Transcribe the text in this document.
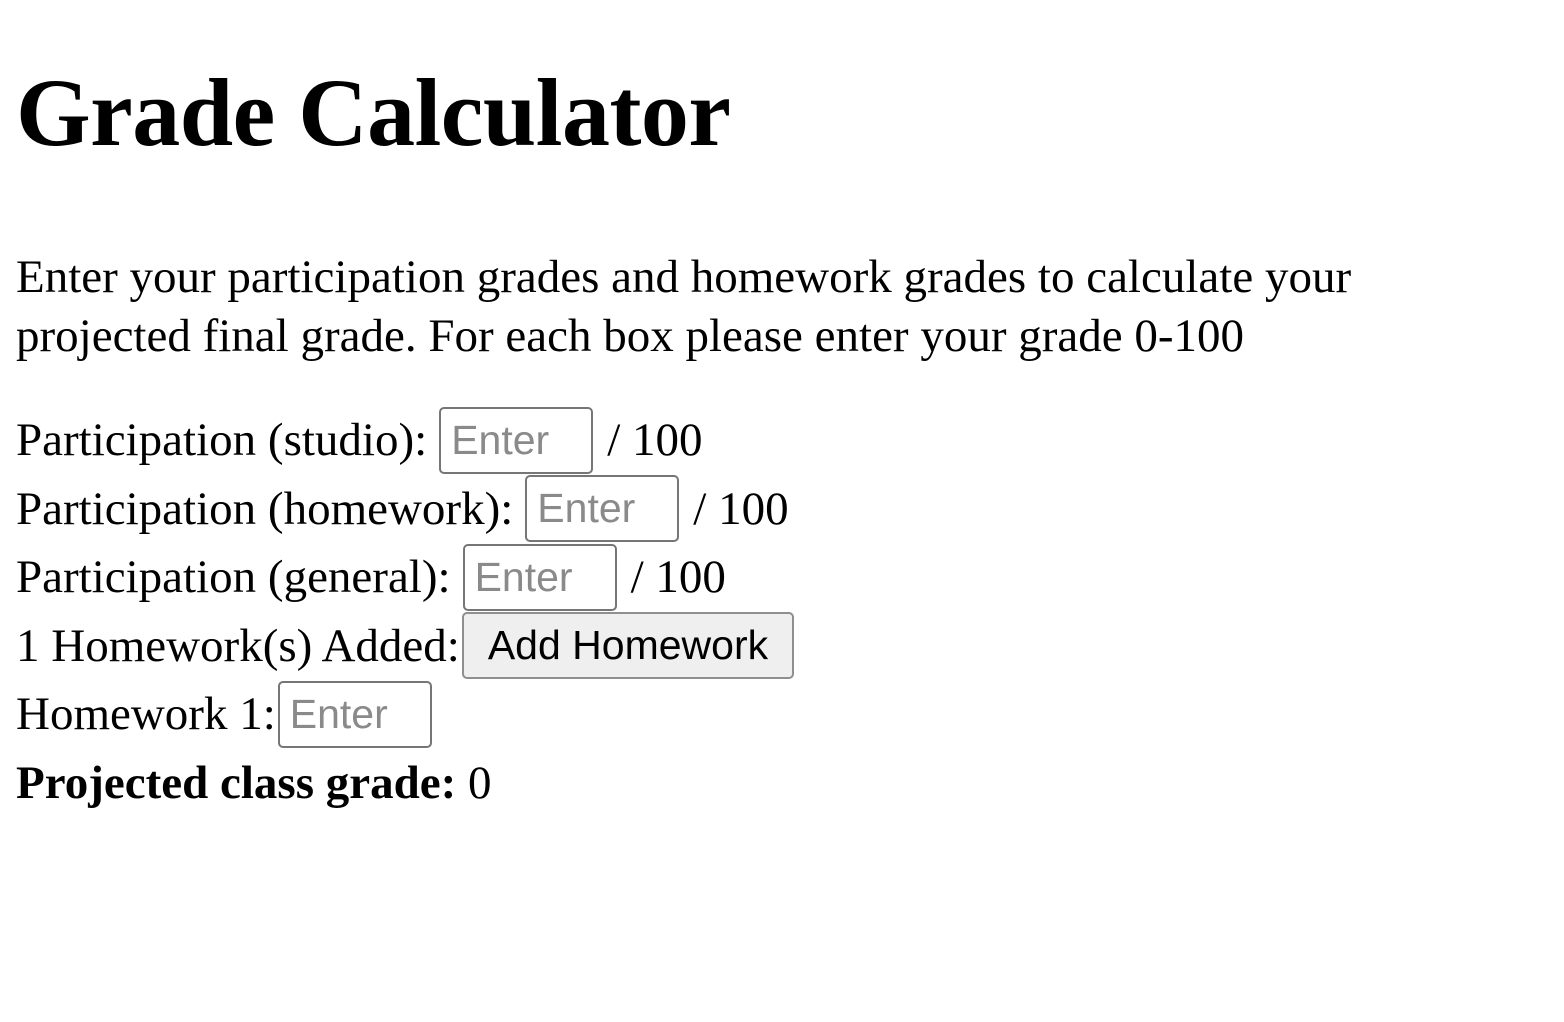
Grade Calculator

Enter your participation grades and homework grades to calculate your projected final grade. For each box please enter your grade 0-100

Participation (studio):
Enter	/ 100
Participation (homework):
Enter	/ 100
Participation (general):
Enter	/ 100
1 Homework(s) Added: Add Homework
Homework 1:
Enter
Projected class grade: 0
